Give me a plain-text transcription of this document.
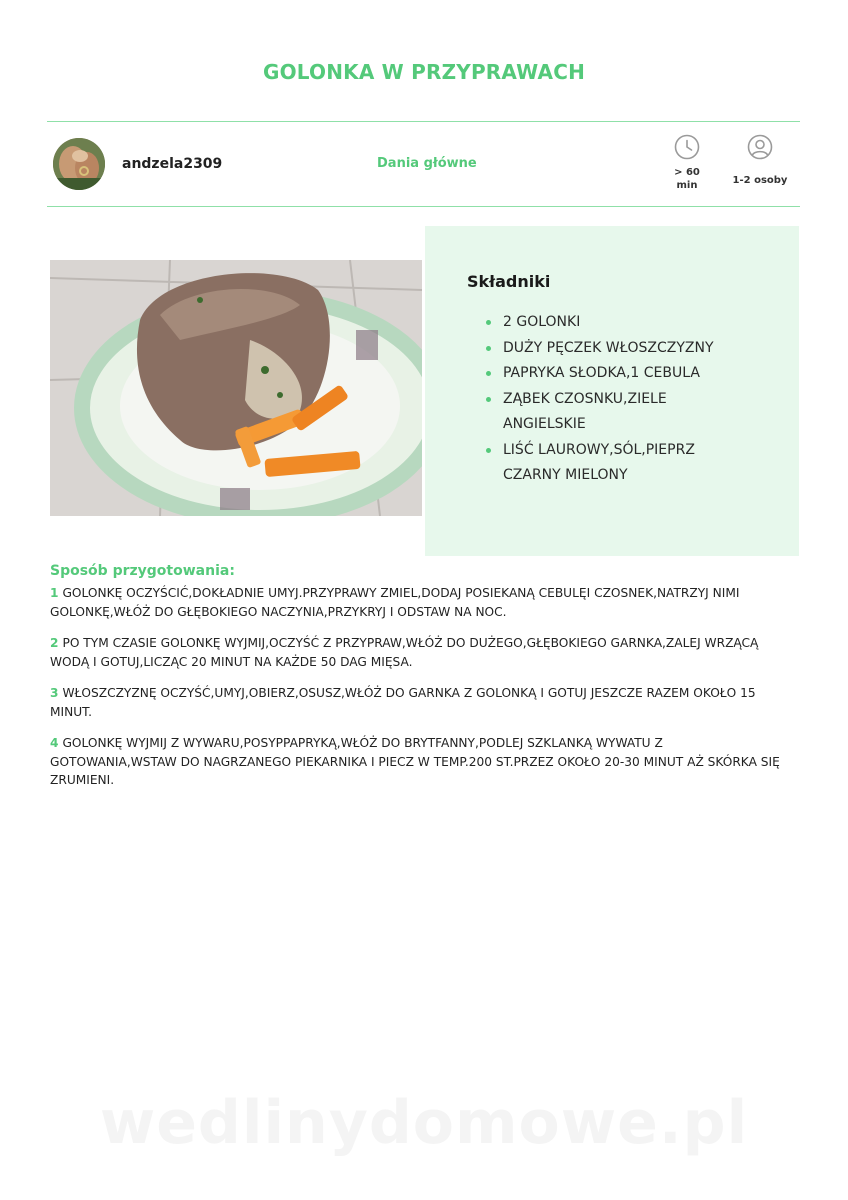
GOLONKA W PRZYPRAWACH
andzela2309	Dania główne
> 60
min	1-2 osoby
Składniki
2 GOLONKI
DUŻY PĘCZEK WŁOSZCZYZNY
PAPRYKA SŁODKA,1 CEBULA
ZĄBEK CZOSNKU,ZIELE ANGIELSKIE
LIŚĆ LAUROWY,SÓL,PIEPRZ CZARNY MIELONY
Sposób przygotowania:

1 GOLONKĘ OCZYŚCIĆ,DOKŁADNIE UMYJ.PRZYPRAWY ZMIEL,DODAJ POSIEKANĄ CEBULĘI CZOSNEK,NATRZYJ NIMI GOLONKĘ,WŁÓŻ DO GŁĘBOKIEGO NACZYNIA,PRZYKRYJ I ODSTAW NA NOC.

2 PO TYM CZASIE GOLONKĘ WYJMIJ,OCZYŚĆ Z PRZYPRAW,WŁÓŻ DO DUŻEGO,GŁĘBOKIEGO GARNKA,ZALEJ WRZĄCĄ WODĄ I GOTUJ,LICZĄC 20 MINUT NA KAŻDE 50 DAG MIĘSA.

3 WŁOSZCZYZNĘ OCZYŚĆ,UMYJ,OBIERZ,OSUSZ,WŁÓŻ DO GARNKA Z GOLONKĄ I GOTUJ JESZCZE RAZEM OKOŁO 15 MINUT.

4 GOLONKĘ WYJMIJ Z WYWARU,POSYPPAPRYKĄ,WŁÓŻ DO BRYTFANNY,PODLEJ SZKLANKĄ WYWATU Z GOTOWANIA,WSTAW DO NAGRZANEGO PIEKARNIKA I PIECZ W TEMP.200 ST.PRZEZ OKOŁO 20-30 MINUT AŻ SKÓRKA SIĘ ZRUMIENI.

wedlinydomowe.pl
